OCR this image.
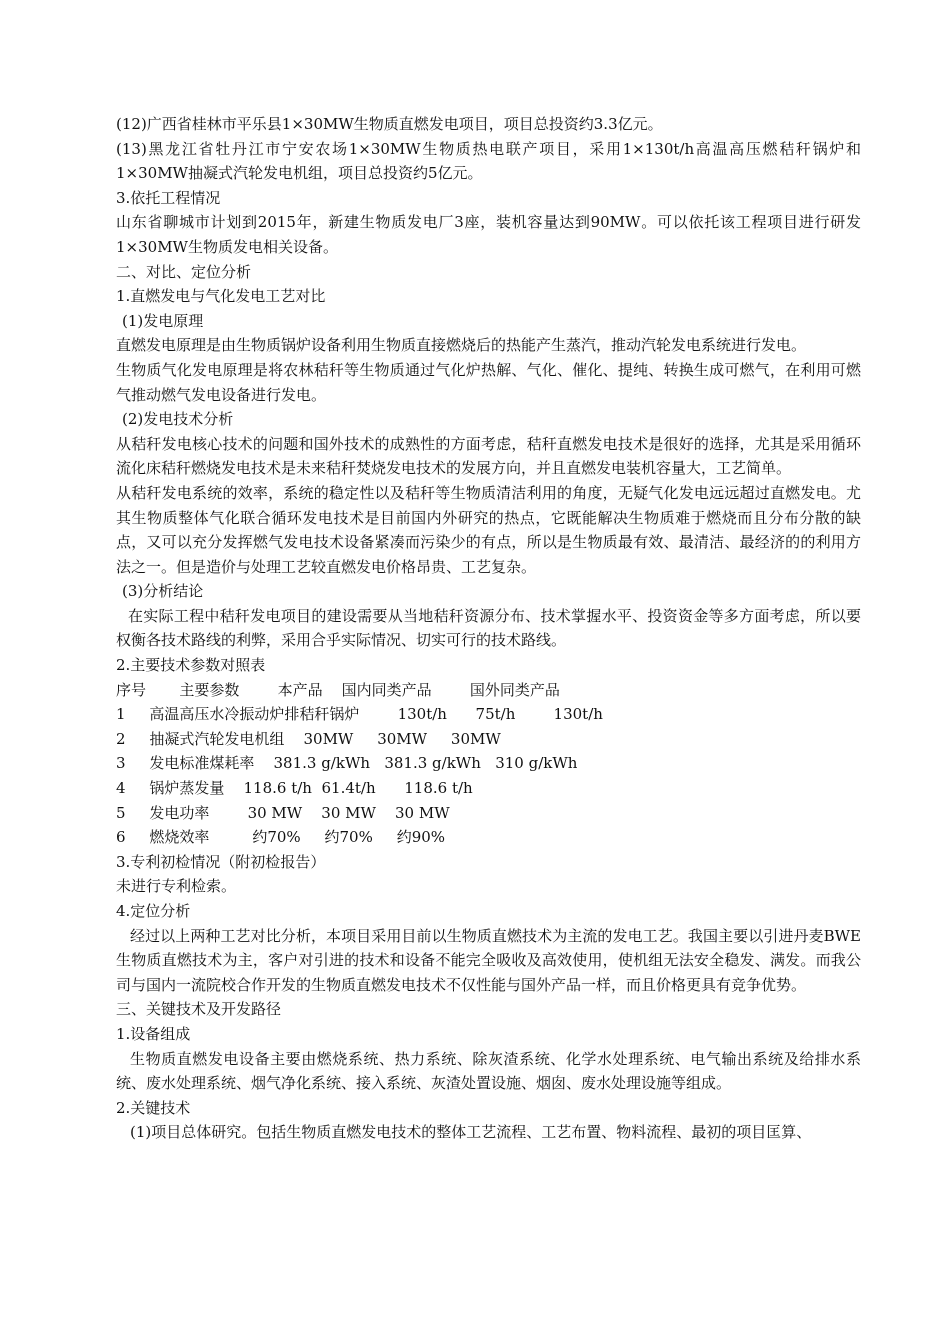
(12)广西省桂林市平乐县1×30MW生物质直燃发电项目，项目总投资约3.3亿元。

(13)黑龙江省牡丹江市宁安农场1×30MW生物质热电联产项目，采用1×130t/h高温高压燃秸秆锅炉和1×30MW抽凝式汽轮发电机组，项目总投资约5亿元。

3.依托工程情况

山东省聊城市计划到2015年，新建生物质发电厂3座，装机容量达到90MW。可以依托该工程项目进行研发1×30MW生物质发电相关设备。

二、对比、定位分析

1.直燃发电与气化发电工艺对比

(1)发电原理

直燃发电原理是由生物质锅炉设备利用生物质直接燃烧后的热能产生蒸汽，推动汽轮发电系统进行发电。

生物质气化发电原理是将农林秸秆等生物质通过气化炉热解、气化、催化、提纯、转换生成可燃气，在利用可燃气推动燃气发电设备进行发电。

(2)发电技术分析

从秸秆发电核心技术的问题和国外技术的成熟性的方面考虑，秸秆直燃发电技术是很好的选择，尤其是采用循环流化床秸秆燃烧发电技术是未来秸秆焚烧发电技术的发展方向，并且直燃发电装机容量大，工艺简单。

从秸秆发电系统的效率，系统的稳定性以及秸秆等生物质清洁利用的角度，无疑气化发电远远超过直燃发电。尤其生物质整体气化联合循环发电技术是目前国内外研究的热点，它既能解决生物质难于燃烧而且分布分散的缺点，又可以充分发挥燃气发电技术设备紧凑而污染少的有点，所以是生物质最有效、最清洁、最经济的的利用方法之一。但是造价与处理工艺较直燃发电价格昂贵、工艺复杂。

(3)分析结论

在实际工程中秸秆发电项目的建设需要从当地秸秆资源分布、技术掌握水平、投资资金等多方面考虑，所以要权衡各技术路线的利弊，采用合乎实际情况、切实可行的技术路线。

2.主要技术参数对照表

序号 主要参数	本产品 国内同类产品	国外同类产品

1 高温高压水冷振动炉排秸秆锅炉	130t/h 75t/h	130t/h

2 抽凝式汽轮发电机组 30MW 30MW 30MW

3 发电标准煤耗率 381.3 g/kWh 381.3 g/kWh 310 g/kWh

4 锅炉蒸发量 118.6 t/h 61.4t/h 118.6 t/h

5 发电功率	30 MW 30 MW 30 MW

6 燃烧效率	约70% 约70% 约90%

3.专利初检情况（附初检报告）

未进行专利检索。

4.定位分析

经过以上两种工艺对比分析，本项目采用目前以生物质直燃技术为主流的发电工艺。我国主要以引进丹麦BWE生物质直燃技术为主，客户对引进的技术和设备不能完全吸收及高效使用，使机组无法安全稳发、满发。而我公司与国内一流院校合作开发的生物质直燃发电技术不仅性能与国外产品一样，而且价格更具有竞争优势。

三、关键技术及开发路径

1.设备组成

生物质直燃发电设备主要由燃烧系统、热力系统、除灰渣系统、化学水处理系统、电气输出系统及给排水系统、废水处理系统、烟气净化系统、接入系统、灰渣处置设施、烟囱、废水处理设施等组成。

2.关键技术

(1)项目总体研究。包括生物质直燃发电技术的整体工艺流程、工艺布置、物料流程、最初的项目匡算、
